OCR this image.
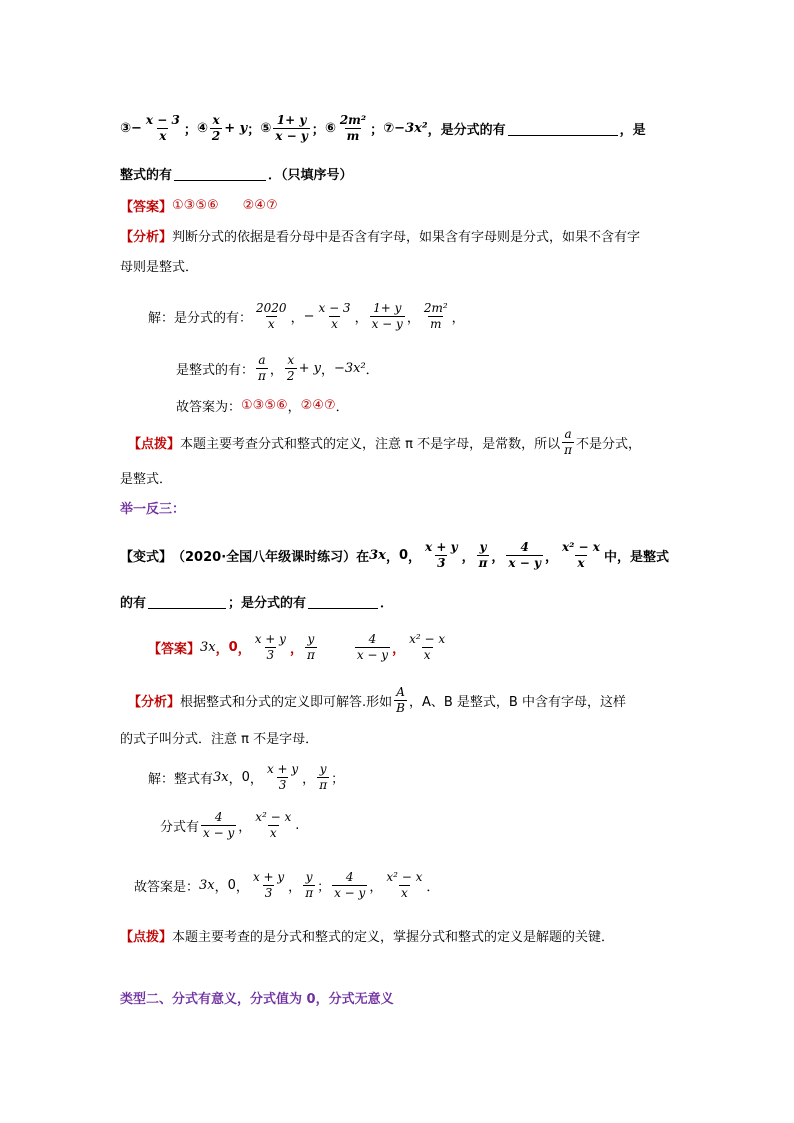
③ − $\frac{x - 3}{x}$ ； ④ $\frac{x}{2} + y$ ； ⑤ $\frac{1+ y}{x - y}$ ； ⑥ $\frac{\text{2m²}}{m}$ ； ⑦ −3x² ，是分式的有	，是
整式的有	．（只填序号）
【答案】 ①③⑤⑥ ②④⑦
【分析】 判断分式的依据是看分母中是否含有字母，如果含有字母则是分式，如果不含有字
母则是整式．
解：是分式的有： $\frac{2020}{x}$ ， − $\frac{x - 3}{x}$ ， $\frac{1+ y}{x - y}$ ， $\frac{\text{2m²}}{m}$ ，
是整式的有： $\frac{a}{\pi}$ ， $\frac{x}{2} + y$ ， −3x² ．
故答案为： ①③⑤⑥ ， ②④⑦ ．
【点拨】 本题主要考查分式和整式的定义，注意 π 不是字母，是常数，所以 $\frac{a}{\pi}$ 不是分式，
是整式．
举一反三：
【变式】 （2020·全国八年级课时练习）在 3x ， 0 ， $\frac{x + y}{3}$ ， $\frac{y}{\pi}$ ， $\frac{4}{x - y}$ ， $\frac{\text{x² − x}}{x}$ 中，是整式
的有	；是分式的有	．
【答案】 3x ， 0 ， $\frac{x + y}{3}$ ， $\frac{y}{\pi}$	$\frac{4}{x - y}$ ， $\frac{\text{x² − x}}{x}$
【分析】 根据整式和分式的定义即可解答.形如 $\frac{A}{B}$ ，A、B 是整式，B 中含有字母，这样
的式子叫分式．注意 π 不是字母．
解：整式有 3x ， 0 ， $\frac{x + y}{3}$ ， $\frac{y}{\pi}$ ；
分式有 $\frac{4}{x - y}$ ， $\frac{\text{x² − x}}{x}$ .
故答案是： 3x ， 0 ， $\frac{x + y}{3}$ ， $\frac{y}{\pi}$ ； $\frac{4}{x - y}$ ， $\frac{\text{x² − x}}{x}$ ．
【点拨】 本题主要考查的是分式和整式的定义，掌握分式和整式的定义是解题的关键．
类型二、分式有意义，分式值为 0，分式无意义
